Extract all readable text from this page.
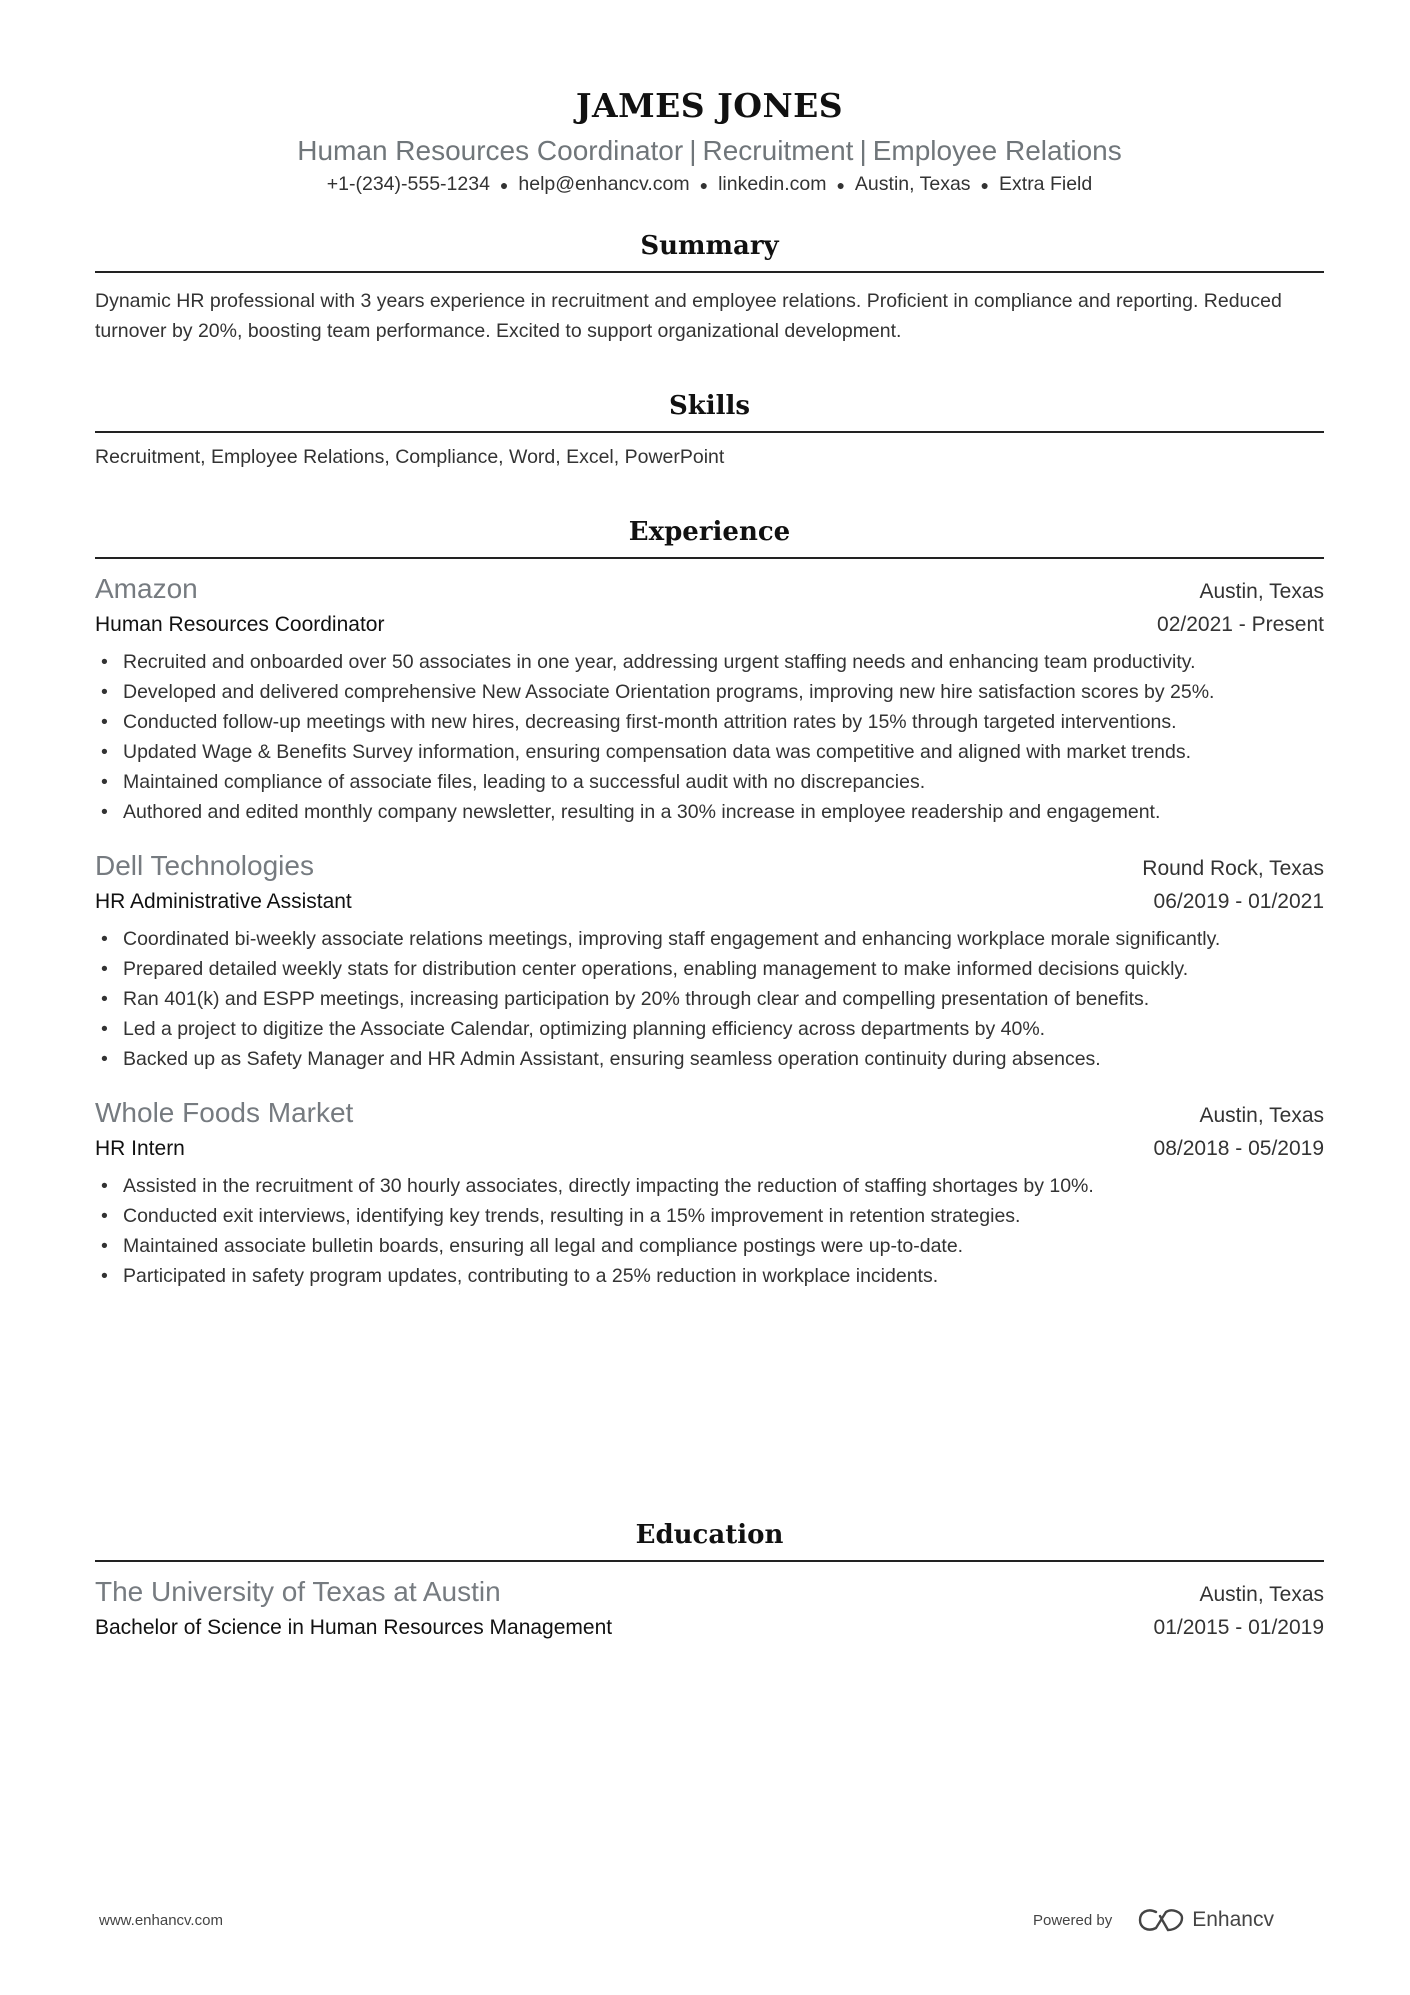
JAMES JONES
Human Resources Coordinator | Recruitment | Employee Relations
+1-(234)-555-1234 ● help@enhancv.com ● linkedin.com ● Austin, Texas ● Extra Field
Summary
Dynamic HR professional with 3 years experience in recruitment and employee relations. Proficient in compliance and reporting. Reduced turnover by 20%, boosting team performance. Excited to support organizational development.
Skills
Recruitment, Employee Relations, Compliance, Word, Excel, PowerPoint
Experience
Amazon	Austin, Texas
Human Resources Coordinator	02/2021 - Present
• Recruited and onboarded over 50 associates in one year, addressing urgent staffing needs and enhancing team productivity.
• Developed and delivered comprehensive New Associate Orientation programs, improving new hire satisfaction scores by 25%.
• Conducted follow-up meetings with new hires, decreasing first-month attrition rates by 15% through targeted interventions.
• Updated Wage & Benefits Survey information, ensuring compensation data was competitive and aligned with market trends.
• Maintained compliance of associate files, leading to a successful audit with no discrepancies.
• Authored and edited monthly company newsletter, resulting in a 30% increase in employee readership and engagement.
Dell Technologies	Round Rock, Texas
HR Administrative Assistant	06/2019 - 01/2021
• Coordinated bi-weekly associate relations meetings, improving staff engagement and enhancing workplace morale significantly.
• Prepared detailed weekly stats for distribution center operations, enabling management to make informed decisions quickly.
• Ran 401(k) and ESPP meetings, increasing participation by 20% through clear and compelling presentation of benefits.
• Led a project to digitize the Associate Calendar, optimizing planning efficiency across departments by 40%.
• Backed up as Safety Manager and HR Admin Assistant, ensuring seamless operation continuity during absences.
Whole Foods Market	Austin, Texas
HR Intern	08/2018 - 05/2019
• Assisted in the recruitment of 30 hourly associates, directly impacting the reduction of staffing shortages by 10%.
• Conducted exit interviews, identifying key trends, resulting in a 15% improvement in retention strategies.
• Maintained associate bulletin boards, ensuring all legal and compliance postings were up-to-date.
• Participated in safety program updates, contributing to a 25% reduction in workplace incidents.
Education
The University of Texas at Austin	Austin, Texas
Bachelor of Science in Human Resources Management	01/2015 - 01/2019
www.enhancv.com	Powered by	Enhancv
